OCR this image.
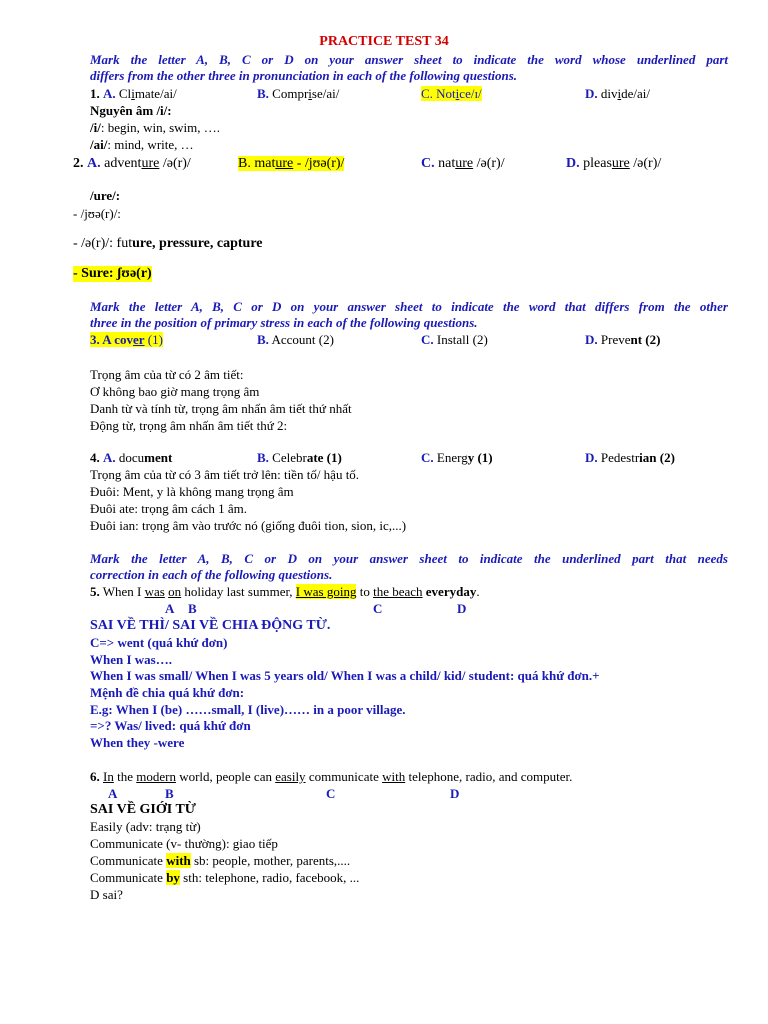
PRACTICE TEST 34
Mark the letter A, B, C or D on your answer sheet to indicate the word whose underlined part
differs from the other three in pronunciation in each of the following questions.
1. A. Climate/ai/	B. Comprise/ai/	C. Notice/ɪ/	D. divide/ai/
Nguyên âm /i/:
/i/: begin, win, swim, ….
/ai/: mind, write, …
2. A. adventure /ə(r)/	B. mature - /jʊə(r)/	C. nature /ə(r)/	D. pleasure /ə(r)/
/ure/:
- /jʊə(r)/:
- /ə(r)/: future, pressure, capture
- Sure: ʃʊə(r)
Mark the letter A, B, C or D on your answer sheet to indicate the word that differs from the other
three in the position of primary stress in each of the following questions.
3. A cover (1)	B. Account (2)	C. Install (2)	D. Prevent (2)
Trọng âm của từ có 2 âm tiết:
Ơ không bao giờ mang trọng âm
Danh từ và tính từ, trọng âm nhấn âm tiết thứ nhất
Động từ, trọng âm nhấn âm tiết thứ 2:
4. A. document	B. Celebrate (1)	C. Energy (1)	D. Pedestrian (2)
Trọng âm của từ có 3 âm tiết trở lên: tiền tố/ hậu tố.
Đuôi: Ment, y là không mang trọng âm
Đuôi ate: trọng âm cách 1 âm.
Đuôi ian: trọng âm vào trước nó (giống đuôi tion, sion, ic,...)
Mark the letter A, B, C or D on your answer sheet to indicate the underlined part that needs
correction in each of the following questions.
5. When I was on holiday last summer, I was going to the beach everyday.
A B	C	D
SAI VỀ THÌ/ SAI VỀ CHIA ĐỘNG TỪ.
C=> went (quá khứ đơn)
When I was….
When I was small/ When I was 5 years old/ When I was a child/ kid/ student: quá khứ đơn.+
Mệnh đề chia quá khứ đơn:
E.g: When I (be) ……small, I (live)…… in a poor village.
=>? Was/ lived: quá khứ đơn
When they -were
6. In the modern world, people can easily communicate with telephone, radio, and computer.
A	B	C	D
SAI VỀ GIỚI TỪ
Easily (adv: trạng từ)
Communicate (v- thường): giao tiếp
Communicate with sb: people, mother, parents,....
Communicate by sth: telephone, radio, facebook, ...
D sai?
